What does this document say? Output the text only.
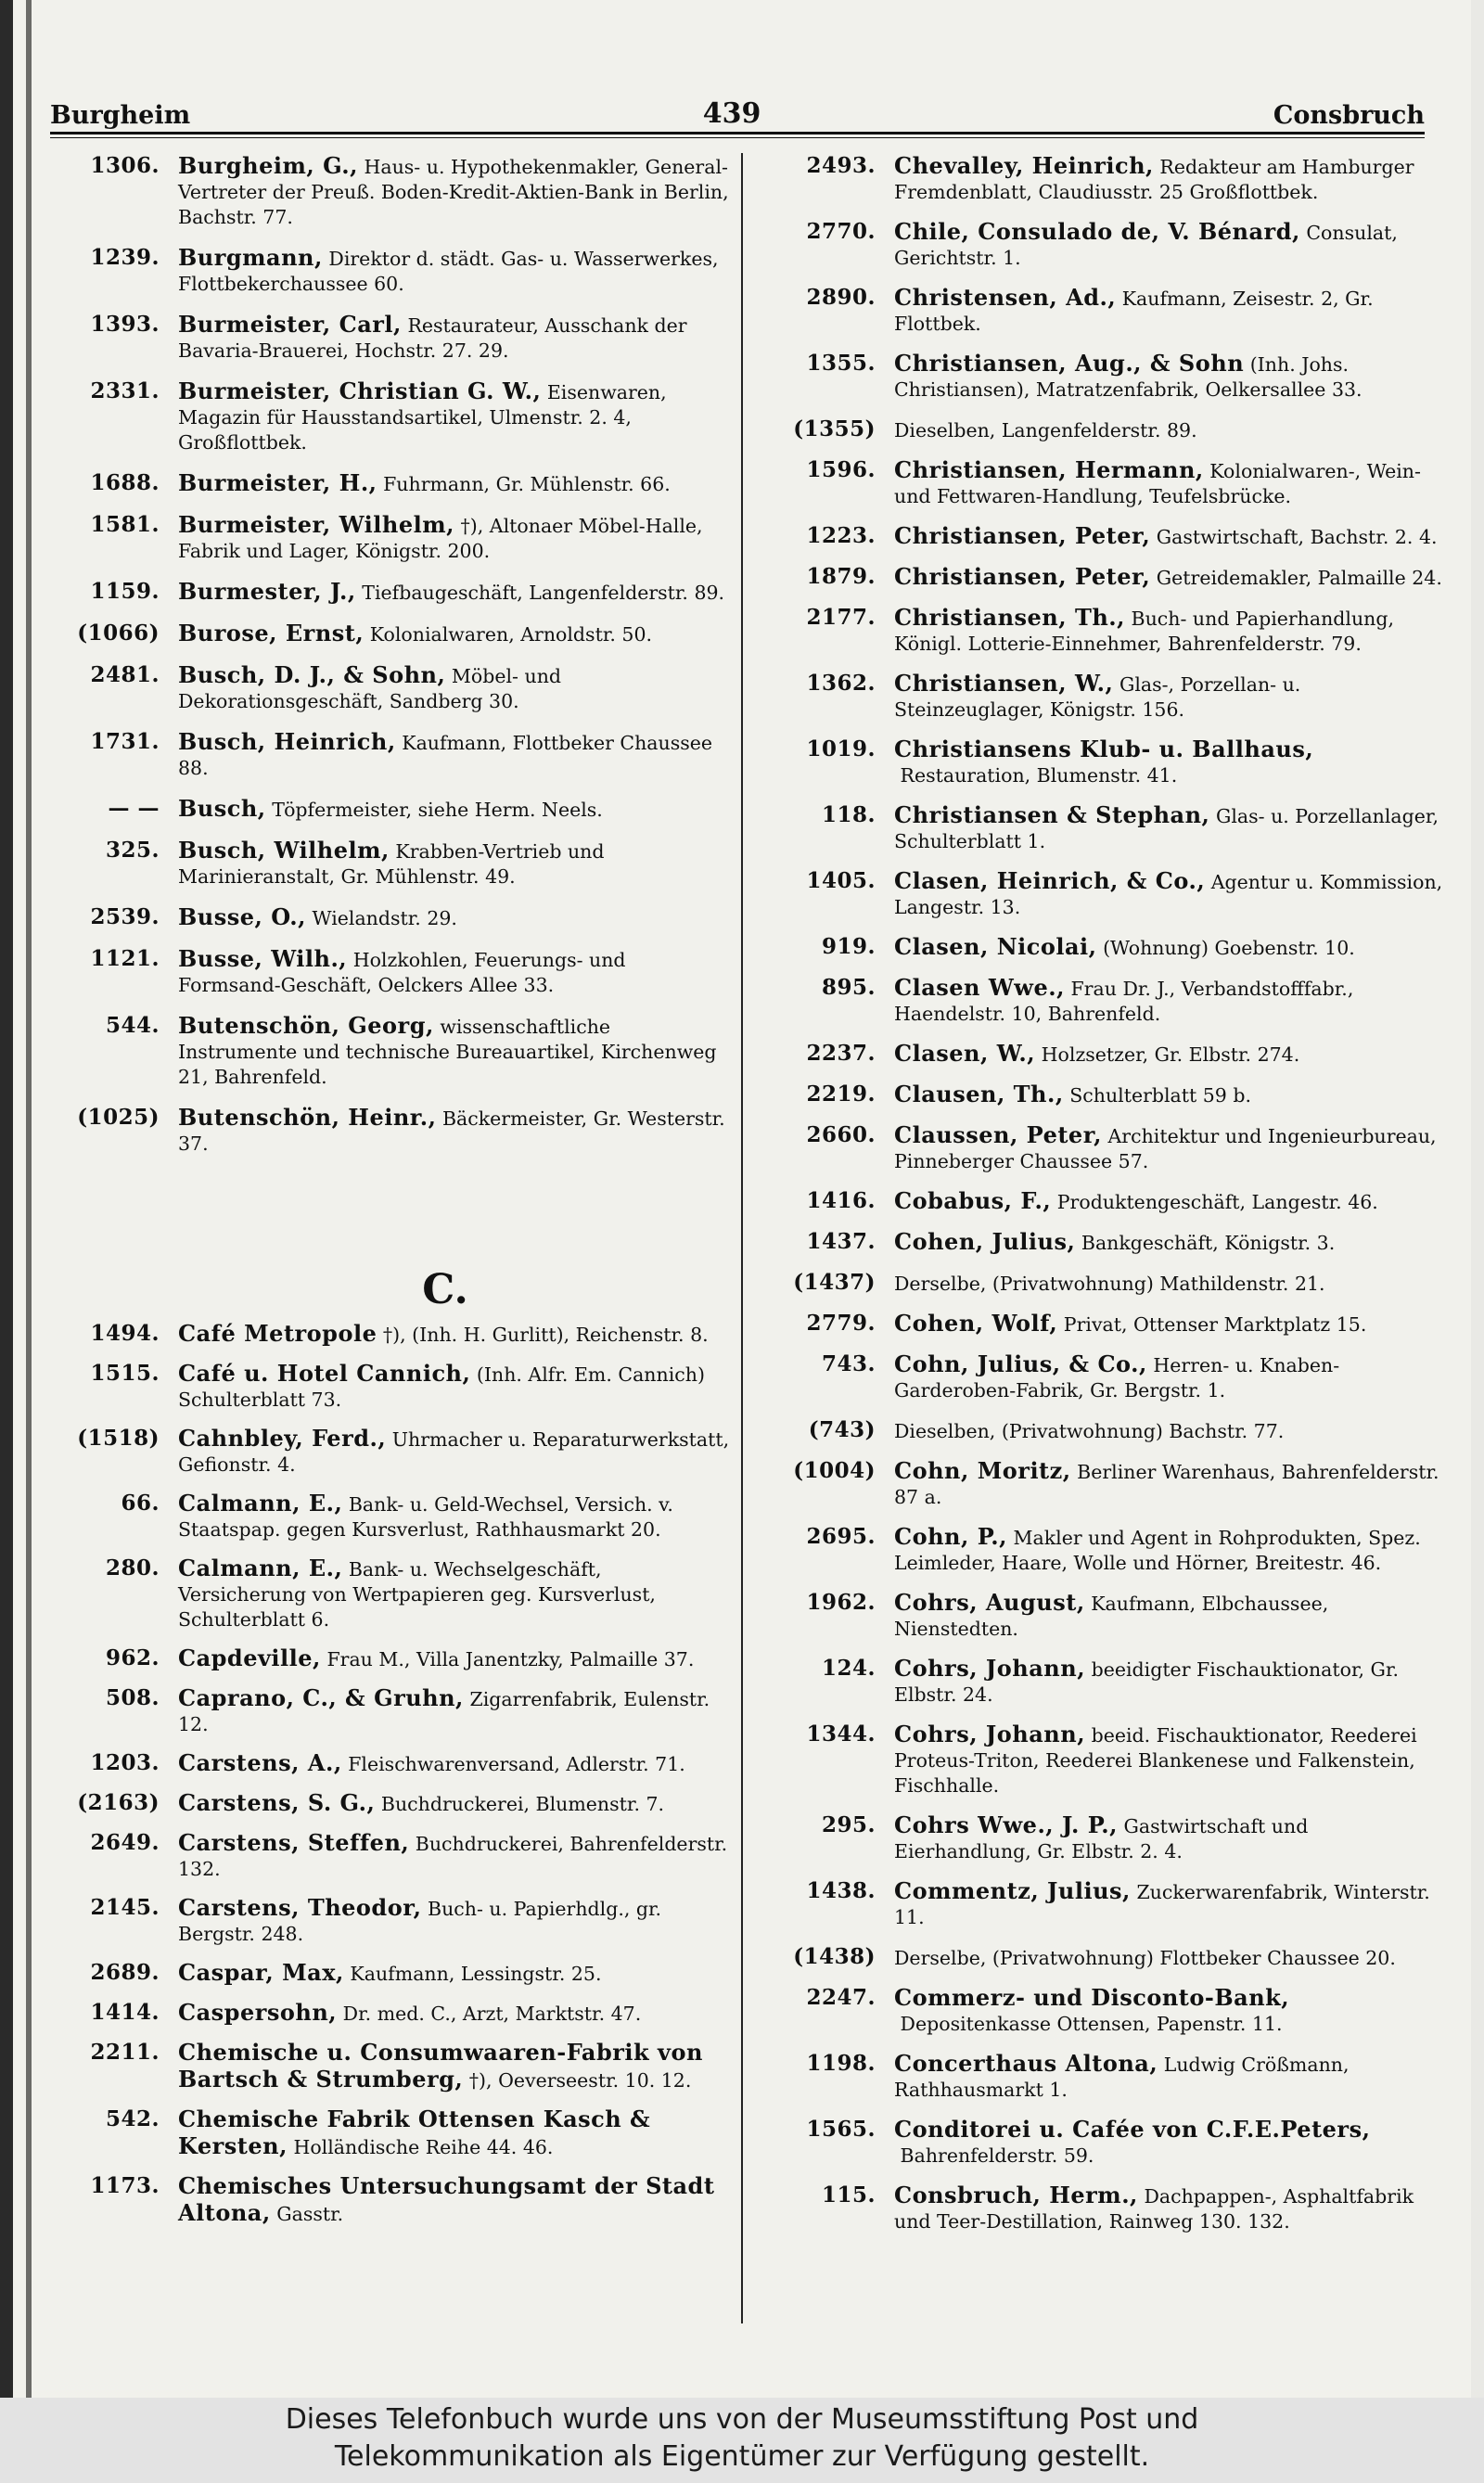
Burgheim	439	Consbruch
1306. Burgheim, G., Haus- u. Hypothekenmakler, General-Vertreter der Preuß. Boden-Kredit-Aktien-Bank in Berlin, Bachstr. 77.
1239. Burgmann, Direktor d. städt. Gas- u. Wasserwerkes, Flottbekerchaussee 60.
1393. Burmeister, Carl, Restaurateur, Ausschank der Bavaria-Brauerei, Hochstr. 27. 29.
2331. Burmeister, Christian G. W., Eisenwaren, Magazin für Hausstandsartikel, Ulmenstr. 2. 4, Großflottbek.
1688. Burmeister, H., Fuhrmann, Gr. Mühlenstr. 66.
1581. Burmeister, Wilhelm, †), Altonaer Möbel-Halle, Fabrik und Lager, Königstr. 200.
1159. Burmester, J., Tiefbaugeschäft, Langenfelderstr. 89.
(1066) Burose, Ernst, Kolonialwaren, Arnoldstr. 50.
2481. Busch, D. J., & Sohn, Möbel- und Dekorationsgeschäft, Sandberg 30.
1731. Busch, Heinrich, Kaufmann, Flottbeker Chaussee 88.
— — Busch, Töpfermeister, siehe Herm. Neels.
325. Busch, Wilhelm, Krabben-Vertrieb und Marinieranstalt, Gr. Mühlenstr. 49.
2539. Busse, O., Wielandstr. 29.
1121. Busse, Wilh., Holzkohlen, Feuerungs- und Formsand-Geschäft, Oelckers Allee 33.
544. Butenschön, Georg, wissenschaftliche Instrumente und technische Bureauartikel, Kirchenweg 21, Bahrenfeld.
(1025) Butenschön, Heinr., Bäckermeister, Gr. Westerstr. 37.
C.
1494. Café Metropole †), (Inh. H. Gurlitt), Reichenstr. 8.
1515. Café u. Hotel Cannich, (Inh. Alfr. Em. Cannich) Schulterblatt 73.
(1518) Cahnbley, Ferd., Uhrmacher u. Reparaturwerkstatt, Gefionstr. 4.
66. Calmann, E., Bank- u. Geld-Wechsel, Versich. v. Staatspap. gegen Kursverlust, Rathhausmarkt 20.
280. Calmann, E., Bank- u. Wechselgeschäft, Versicherung von Wertpapieren geg. Kursverlust, Schulterblatt 6.
962. Capdeville, Frau M., Villa Janentzky, Palmaille 37.
508. Caprano, C., & Gruhn, Zigarrenfabrik, Eulenstr. 12.
1203. Carstens, A., Fleischwarenversand, Adlerstr. 71.
(2163) Carstens, S. G., Buchdruckerei, Blumenstr. 7.
2649. Carstens, Steffen, Buchdruckerei, Bahrenfelderstr. 132.
2145. Carstens, Theodor, Buch- u. Papierhdlg., gr. Bergstr. 248.
2689. Caspar, Max, Kaufmann, Lessingstr. 25.
1414. Caspersohn, Dr. med. C., Arzt, Marktstr. 47.
2211. Chemische u. Consumwaaren-Fabrik von Bartsch & Strumberg, †), Oeverseestr. 10. 12.
542. Chemische Fabrik Ottensen Kasch & Kersten, Holländische Reihe 44. 46.
1173. Chemisches Untersuchungsamt der Stadt Altona, Gasstr.
2493. Chevalley, Heinrich, Redakteur am Hamburger Fremdenblatt, Claudiusstr. 25 Großflottbek.
2770. Chile, Consulado de, V. Bénard, Consulat, Gerichtstr. 1.
2890. Christensen, Ad., Kaufmann, Zeisestr. 2, Gr. Flottbek.
1355. Christiansen, Aug., & Sohn (Inh. Johs. Christiansen), Matratzenfabrik, Oelkersallee 33.
(1355) Dieselben, Langenfelderstr. 89.
1596. Christiansen, Hermann, Kolonialwaren-, Wein- und Fettwaren-Handlung, Teufelsbrücke.
1223. Christiansen, Peter, Gastwirtschaft, Bachstr. 2. 4.
1879. Christiansen, Peter, Getreidemakler, Palmaille 24.
2177. Christiansen, Th., Buch- und Papierhandlung, Königl. Lotterie-Einnehmer, Bahrenfelderstr. 79.
1362. Christiansen, W., Glas-, Porzellan- u. Steinzeuglager, Königstr. 156.
1019. Christiansens Klub- u. Ballhaus, Restauration, Blumenstr. 41.
118. Christiansen & Stephan, Glas- u. Porzellanlager, Schulterblatt 1.
1405. Clasen, Heinrich, & Co., Agentur u. Kommission, Langestr. 13.
919. Clasen, Nicolai, (Wohnung) Goebenstr. 10.
895. Clasen Wwe., Frau Dr. J., Verbandstofffabr., Haendelstr. 10, Bahrenfeld.
2237. Clasen, W., Holzsetzer, Gr. Elbstr. 274.
2219. Clausen, Th., Schulterblatt 59 b.
2660. Claussen, Peter, Architektur und Ingenieurbureau, Pinneberger Chaussee 57.
1416. Cobabus, F., Produktengeschäft, Langestr. 46.
1437. Cohen, Julius, Bankgeschäft, Königstr. 3.
(1437) Derselbe, (Privatwohnung) Mathildenstr. 21.
2779. Cohen, Wolf, Privat, Ottenser Marktplatz 15.
743. Cohn, Julius, & Co., Herren- u. Knaben-Garderoben-Fabrik, Gr. Bergstr. 1.
(743) Dieselben, (Privatwohnung) Bachstr. 77.
(1004) Cohn, Moritz, Berliner Warenhaus, Bahrenfelderstr. 87 a.
2695. Cohn, P., Makler und Agent in Rohprodukten, Spez. Leimleder, Haare, Wolle und Hörner, Breitestr. 46.
1962. Cohrs, August, Kaufmann, Elbchaussee, Nienstedten.
124. Cohrs, Johann, beeidigter Fischauktionator, Gr. Elbstr. 24.
1344. Cohrs, Johann, beeid. Fischauktionator, Reederei Proteus-Triton, Reederei Blankenese und Falkenstein, Fischhalle.
295. Cohrs Wwe., J. P., Gastwirtschaft und Eierhandlung, Gr. Elbstr. 2. 4.
1438. Commentz, Julius, Zuckerwarenfabrik, Winterstr. 11.
(1438) Derselbe, (Privatwohnung) Flottbeker Chaussee 20.
2247. Commerz- und Disconto-Bank, Depositenkasse Ottensen, Papenstr. 11.
1198. Concerthaus Altona, Ludwig Crößmann, Rathhausmarkt 1.
1565. Conditorei u. Cafée von C.F.E.Peters, Bahrenfelderstr. 59.
115. Consbruch, Herm., Dachpappen-, Asphaltfabrik und Teer-Destillation, Rainweg 130. 132.
Dieses Telefonbuch wurde uns von der Museumsstiftung Post und
Telekommunikation als Eigentümer zur Verfügung gestellt.
